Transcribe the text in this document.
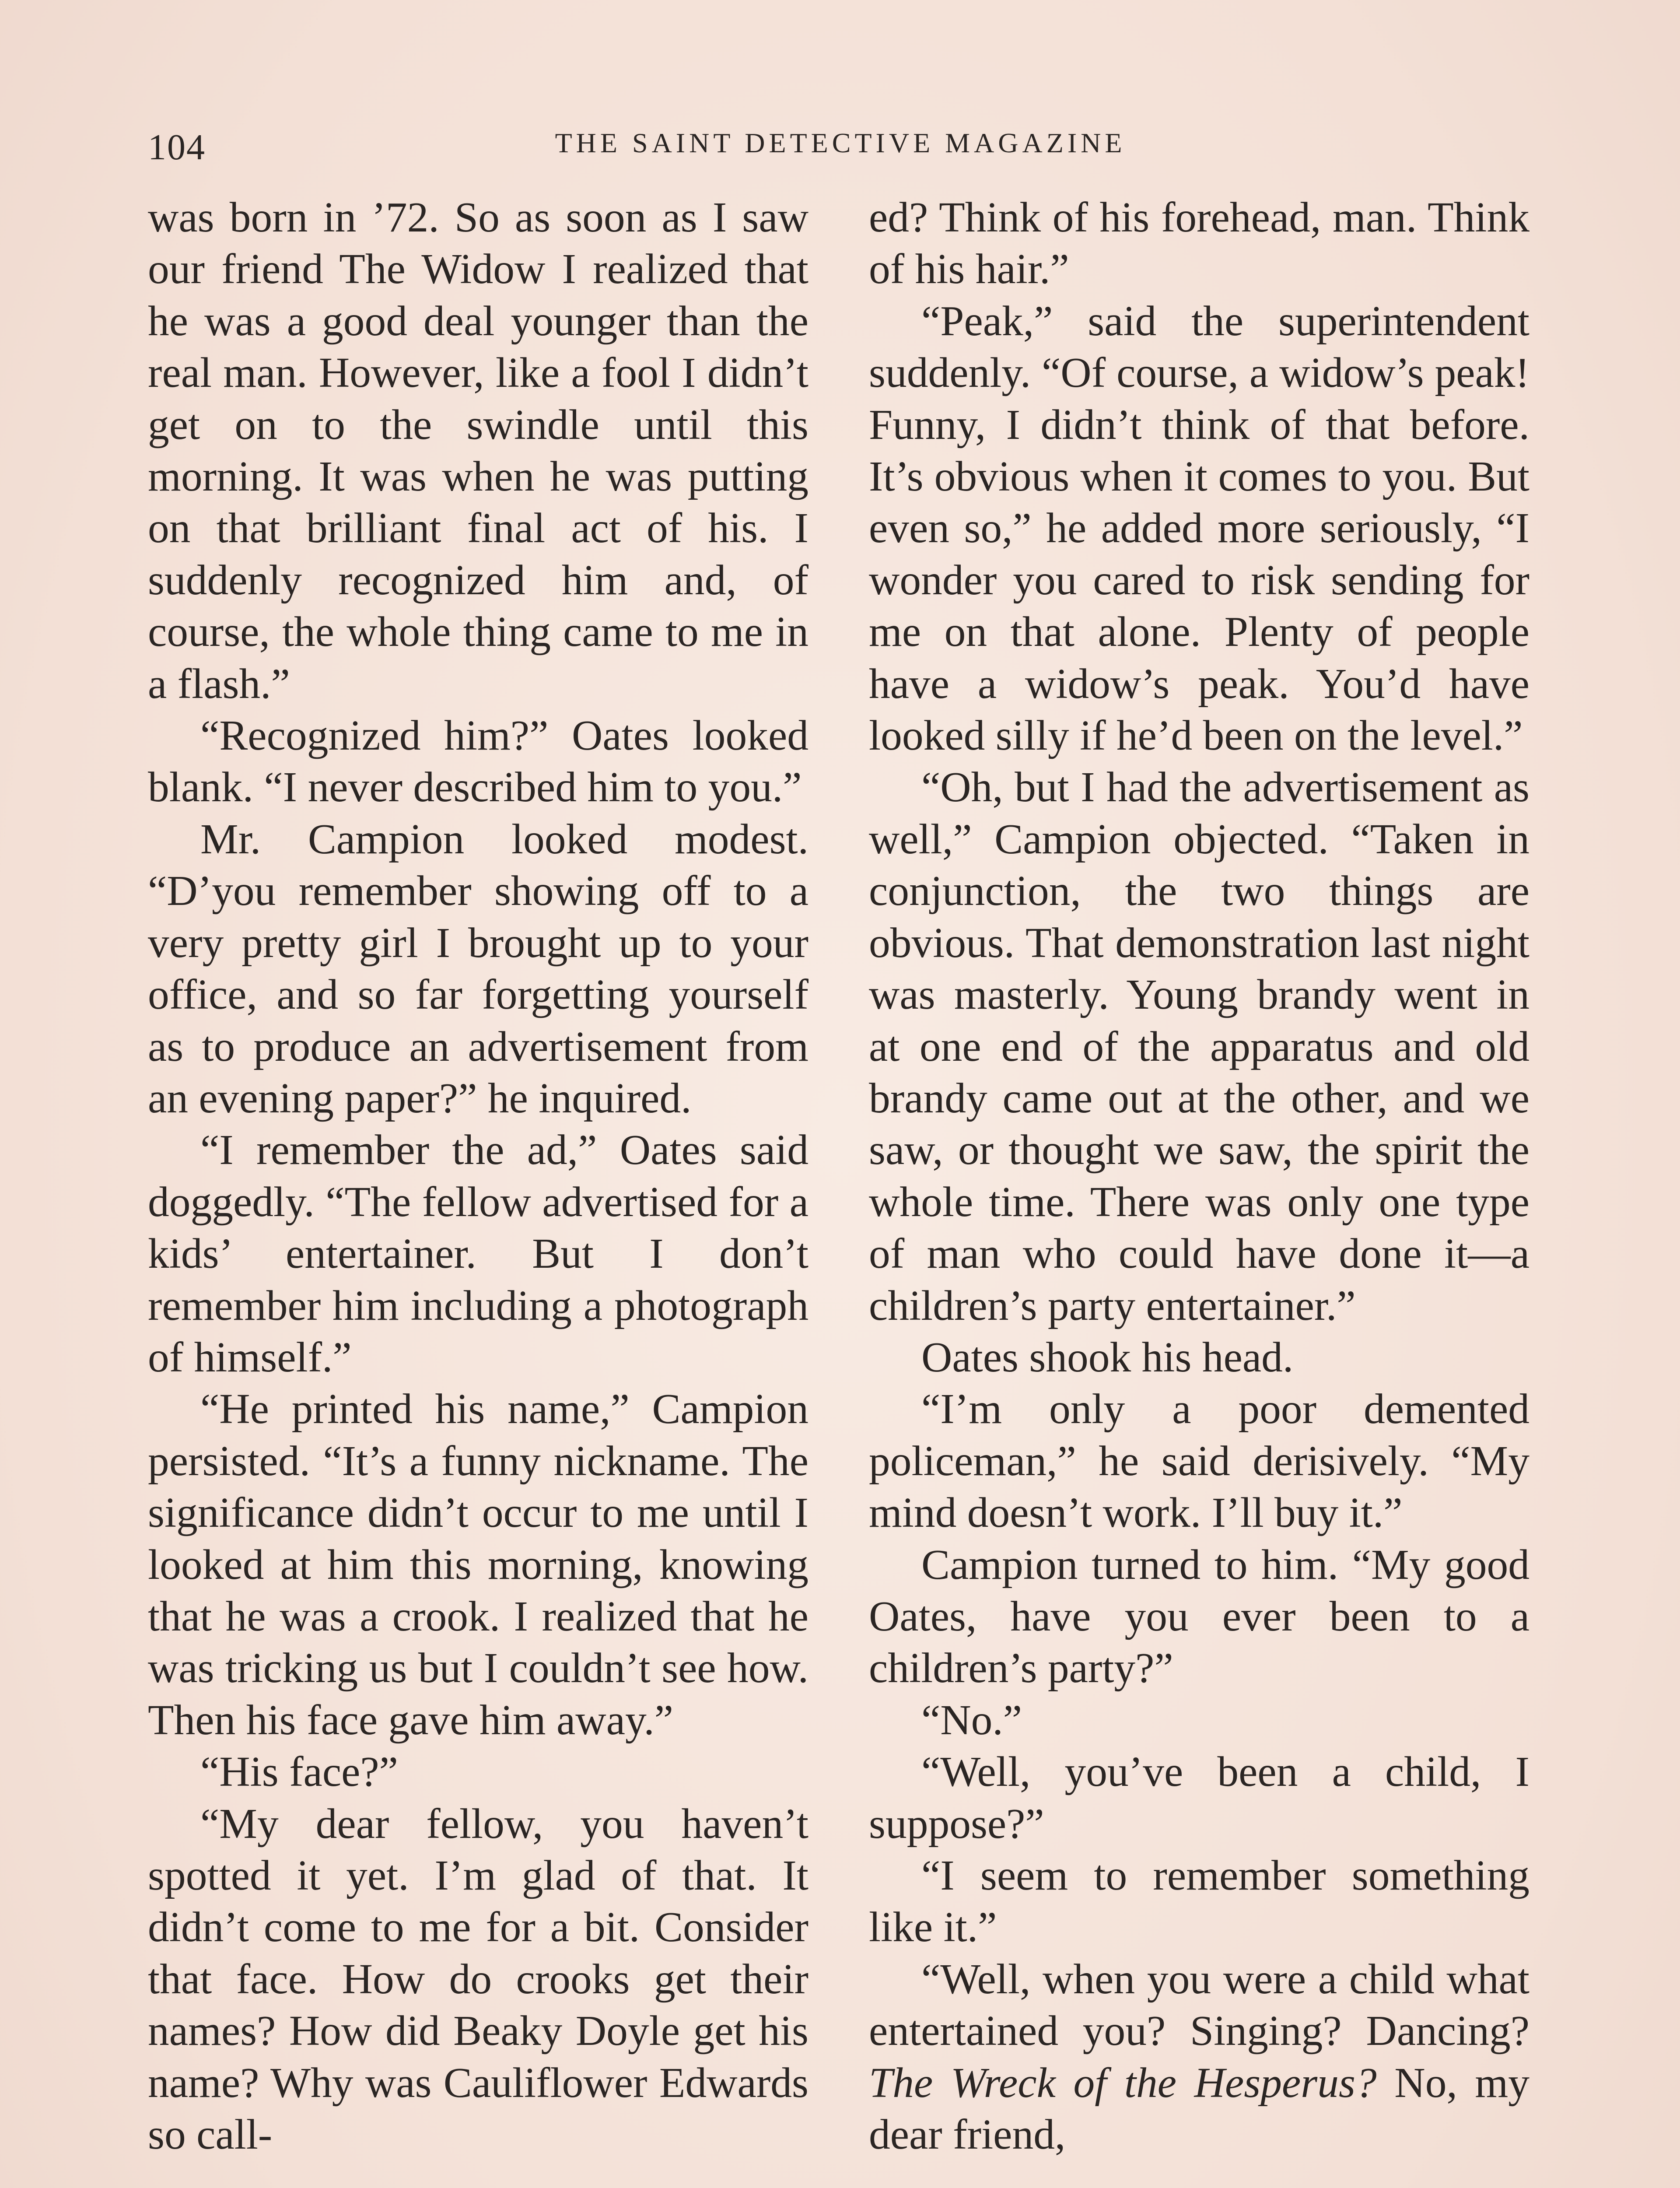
104	THE SAINT DETECTIVE MAGAZINE

was born in ’72. So as soon as I saw our friend The Widow I realized that he was a good deal younger than the real man. However, like a fool I didn’t get on to the swindle until this morning. It was when he was putting on that brilliant final act of his. I suddenly recognized him and, of course, the whole thing came to me in a flash.”

“Recognized him?” Oates looked blank. “I never described him to you.”

Mr. Campion looked modest. “D’you remember showing off to a very pretty girl I brought up to your office, and so far forgetting yourself as to produce an advertisement from an evening paper?” he inquired.

“I remember the ad,” Oates said doggedly. “The fellow advertised for a kids’ entertainer. But I don’t remember him including a photograph of himself.”

“He printed his name,” Campion persisted. “It’s a funny nickname. The significance didn’t occur to me until I looked at him this morning, knowing that he was a crook. I realized that he was tricking us but I couldn’t see how. Then his face gave him away.”

“His face?”

“My dear fellow, you haven’t spotted it yet. I’m glad of that. It didn’t come to me for a bit. Consider that face. How do crooks get their names? How did Beaky Doyle get his name? Why was Cauliflower Edwards so call-

ed? Think of his forehead, man. Think of his hair.”

“Peak,” said the superintendent suddenly. “Of course, a widow’s peak! Funny, I didn’t think of that before. It’s obvious when it comes to you. But even so,” he added more seriously, “I wonder you cared to risk sending for me on that alone. Plenty of people have a widow’s peak. You’d have looked silly if he’d been on the level.”

“Oh, but I had the advertisement as well,” Campion objected. “Taken in conjunction, the two things are obvious. That demonstration last night was masterly. Young brandy went in at one end of the apparatus and old brandy came out at the other, and we saw, or thought we saw, the spirit the whole time. There was only one type of man who could have done it—a children’s party entertainer.”

Oates shook his head.

“I’m only a poor demented policeman,” he said derisively. “My mind doesn’t work. I’ll buy it.”

Campion turned to him. “My good Oates, have you ever been to a children’s party?”

“No.”

“Well, you’ve been a child, I suppose?”

“I seem to remember something like it.”

“Well, when you were a child what entertained you? Singing? Dancing? The Wreck of the Hesperus? No, my dear friend,
